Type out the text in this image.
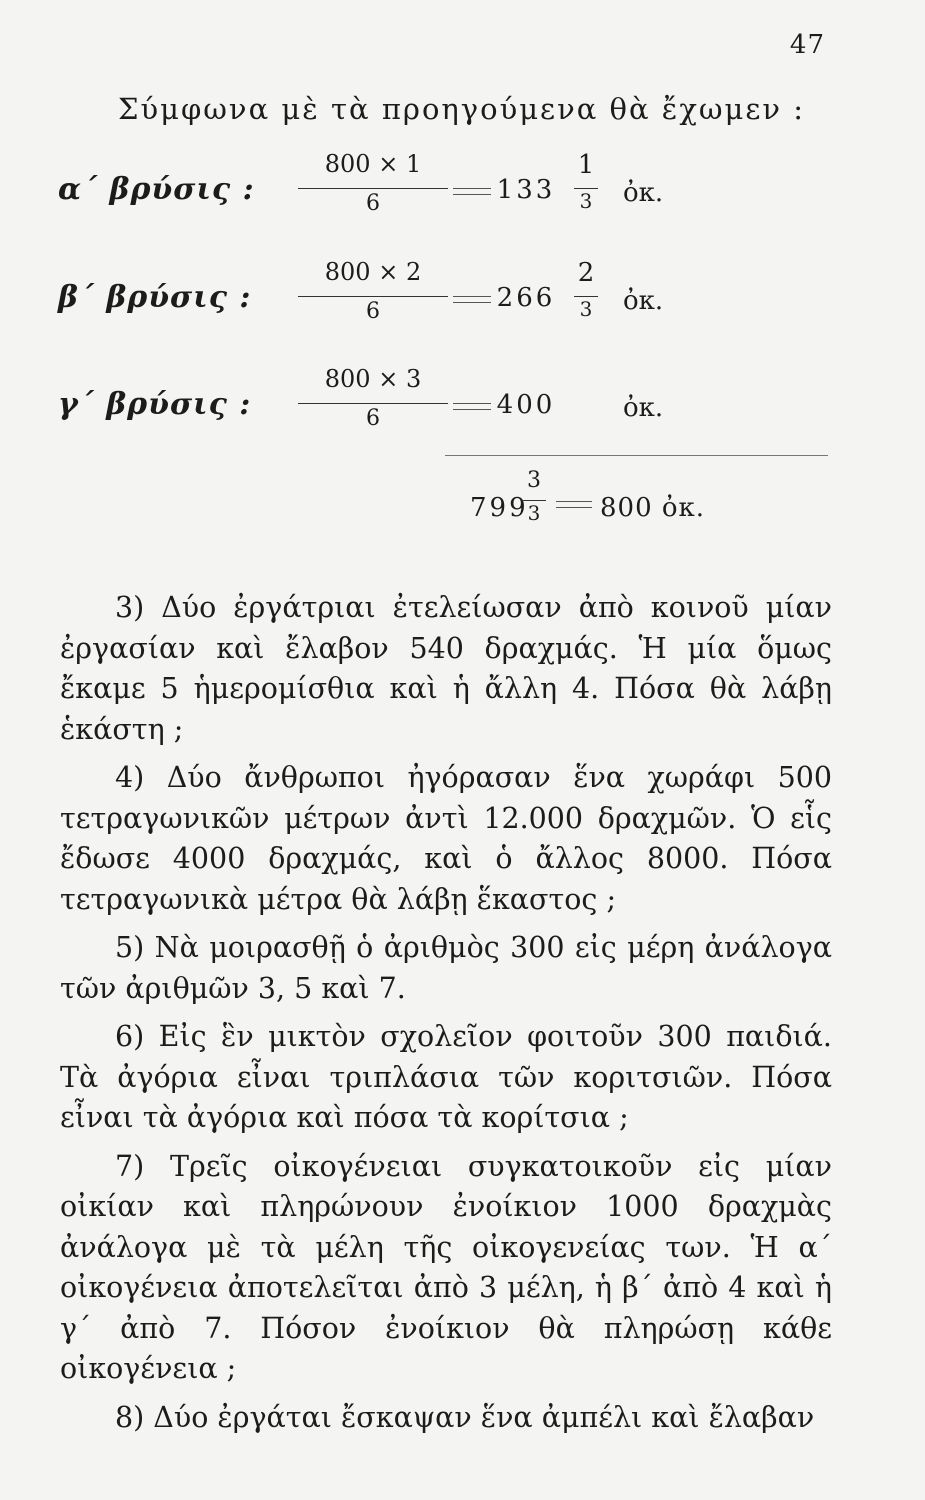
47
Σύμφωνα μὲ τὰ προηγούμενα θὰ ἔχωμεν :
α΄ βρύσις :
800 × 1
6	133
1
3 ὀκ.
β΄ βρύσις :
800 × 2
6	266
2
3 ὀκ.
γ΄ βρύσις :
800 × 3
6	400	ὀκ.
799
3
3 800 ὀκ.

3) Δύο ἐργάτριαι ἐτελείωσαν ἀπὸ κοινοῦ μίαν ἐργασίαν καὶ ἔλαβον 540 δραχμάς. Ἡ μία ὅμως ἔκαμε 5 ἡμερομίσθια καὶ ἡ ἄλλη 4. Πόσα θὰ λάβῃ ἑκάστη ;

4) Δύο ἄνθρωποι ἠγόρασαν ἕνα χωράφι 500 τετραγωνικῶν μέτρων ἀντὶ 12.000 δραχμῶν. Ὁ εἷς ἔδωσε 4000 δραχμάς, καὶ ὁ ἄλλος 8000. Πόσα τετραγωνικὰ μέτρα θὰ λάβῃ ἕκαστος ;

5) Νὰ μοιρασθῇ ὁ ἀριθμὸς 300 εἰς μέρη ἀνάλογα τῶν ἀριθμῶν 3, 5 καὶ 7.

6) Εἰς ἓν μικτὸν σχολεῖον φοιτοῦν 300 παιδιά. Τὰ ἀγόρια εἶναι τριπλάσια τῶν κοριτσιῶν. Πόσα εἶναι τὰ ἀγόρια καὶ πόσα τὰ κορίτσια ;

7) Τρεῖς οἰκογένειαι συγκατοικοῦν εἰς μίαν οἰκίαν καὶ πληρώνουν ἐνοίκιον 1000 δραχμὰς ἀνάλογα μὲ τὰ μέλη τῆς οἰκογενείας των. Ἡ α΄ οἰκογένεια ἀποτελεῖται ἀπὸ 3 μέλη, ἡ β΄ ἀπὸ 4 καὶ ἡ γ΄ ἀπὸ 7. Πόσον ἐνοίκιον θὰ πληρώσῃ κάθε οἰκογένεια ;

8) Δύο ἐργάται ἔσκαψαν ἕνα ἀμπέλι καὶ ἔλαβαν
